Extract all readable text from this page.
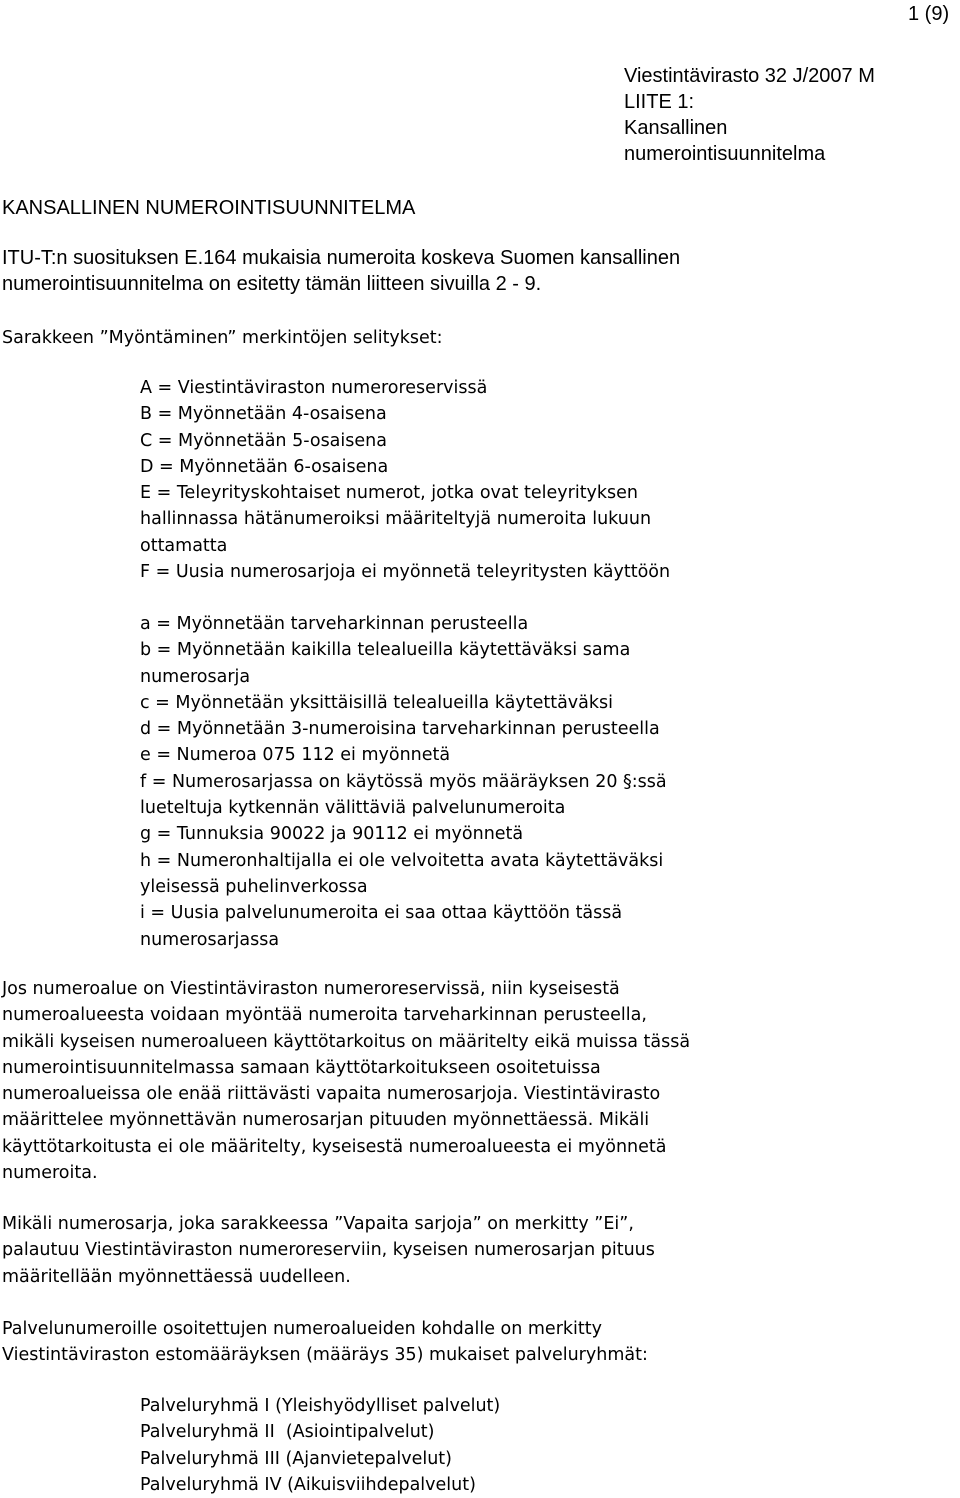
1 (9)
Viestintävirasto 32 J/2007 M
LIITE 1:
Kansallinen
numerointisuunnitelma
KANSALLINEN NUMEROINTISUUNNITELMA
ITU-T:n suosituksen E.164 mukaisia numeroita koskeva Suomen kansallinen
numerointisuunnitelma on esitetty tämän liitteen sivuilla 2 - 9.
Sarakkeen ”Myöntäminen” merkintöjen selitykset:
A = Viestintäviraston numeroreservissä
B = Myönnetään 4-osaisena
C = Myönnetään 5-osaisena
D = Myönnetään 6-osaisena
E = Teleyrityskohtaiset numerot, jotka ovat teleyrityksen
hallinnassa hätänumeroiksi määriteltyjä numeroita lukuun
ottamatta
F = Uusia numerosarjoja ei myönnetä teleyritysten käyttöön
a = Myönnetään tarveharkinnan perusteella
b = Myönnetään kaikilla telealueilla käytettäväksi sama
numerosarja
c = Myönnetään yksittäisillä telealueilla käytettäväksi
d = Myönnetään 3-numeroisina tarveharkinnan perusteella
e = Numeroa 075 112 ei myönnetä
f = Numerosarjassa on käytössä myös määräyksen 20 §:ssä
lueteltuja kytkennän välittäviä palvelunumeroita
g = Tunnuksia 90022 ja 90112 ei myönnetä
h = Numeronhaltijalla ei ole velvoitetta avata käytettäväksi
yleisessä puhelinverkossa
i = Uusia palvelunumeroita ei saa ottaa käyttöön tässä
numerosarjassa
Jos numeroalue on Viestintäviraston numeroreservissä, niin kyseisestä
numeroalueesta voidaan myöntää numeroita tarveharkinnan perusteella,
mikäli kyseisen numeroalueen käyttötarkoitus on määritelty eikä muissa tässä
numerointisuunnitelmassa samaan käyttötarkoitukseen osoitetuissa
numeroalueissa ole enää riittävästi vapaita numerosarjoja. Viestintävirasto
määrittelee myönnettävän numerosarjan pituuden myönnettäessä. Mikäli
käyttötarkoitusta ei ole määritelty, kyseisestä numeroalueesta ei myönnetä
numeroita.
Mikäli numerosarja, joka sarakkeessa ”Vapaita sarjoja” on merkitty ”Ei”,
palautuu Viestintäviraston numeroreserviin, kyseisen numerosarjan pituus
määritellään myönnettäessä uudelleen.
Palvelunumeroille osoitettujen numeroalueiden kohdalle on merkitty
Viestintäviraston estomääräyksen (määräys 35) mukaiset palveluryhmät:
Palveluryhmä I (Yleishyödylliset palvelut)
Palveluryhmä II  (Asiointipalvelut)
Palveluryhmä III (Ajanvietepalvelut)
Palveluryhmä IV (Aikuisviihdepalvelut)
